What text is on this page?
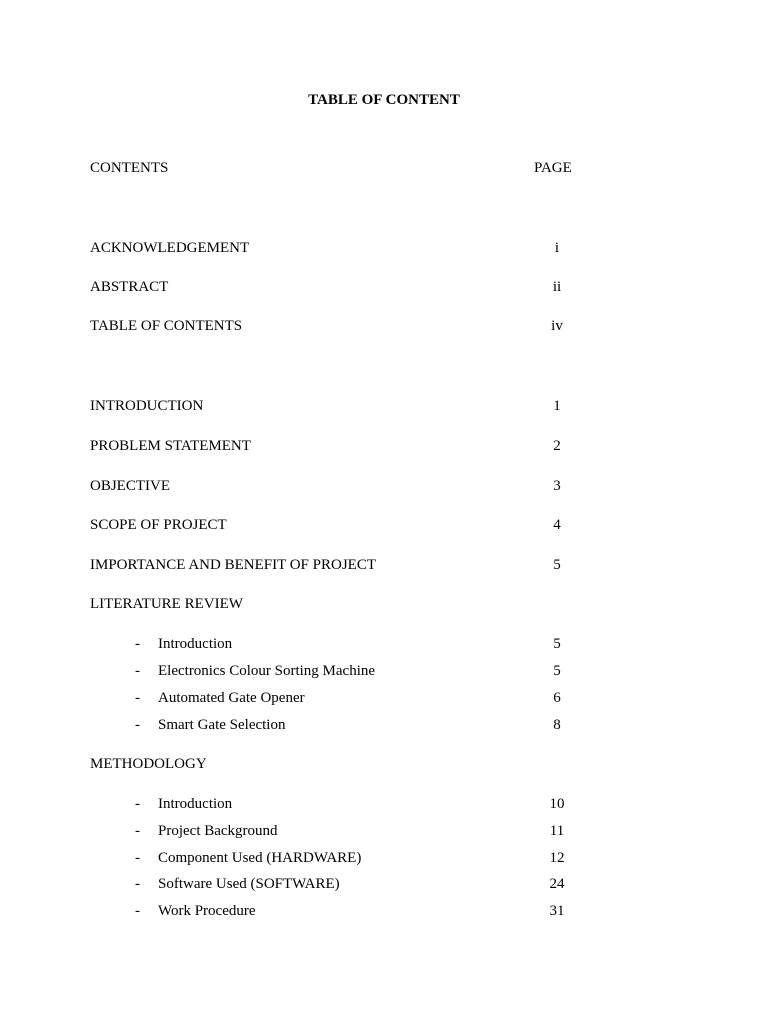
TABLE OF CONTENT
CONTENTS	PAGE
ACKNOWLEDGEMENT	i
ABSTRACT	ii
TABLE OF CONTENTS	iv
INTRODUCTION	1
PROBLEM STATEMENT	2
OBJECTIVE	3
SCOPE OF PROJECT	4
IMPORTANCE AND BENEFIT OF PROJECT	5
LITERATURE REVIEW
- Introduction	5
- Electronics Colour Sorting Machine	5
- Automated Gate Opener	6
- Smart Gate Selection	8
METHODOLOGY
- Introduction	10
- Project Background	11
- Component Used (HARDWARE)	12
- Software Used (SOFTWARE)	24
- Work Procedure	31
